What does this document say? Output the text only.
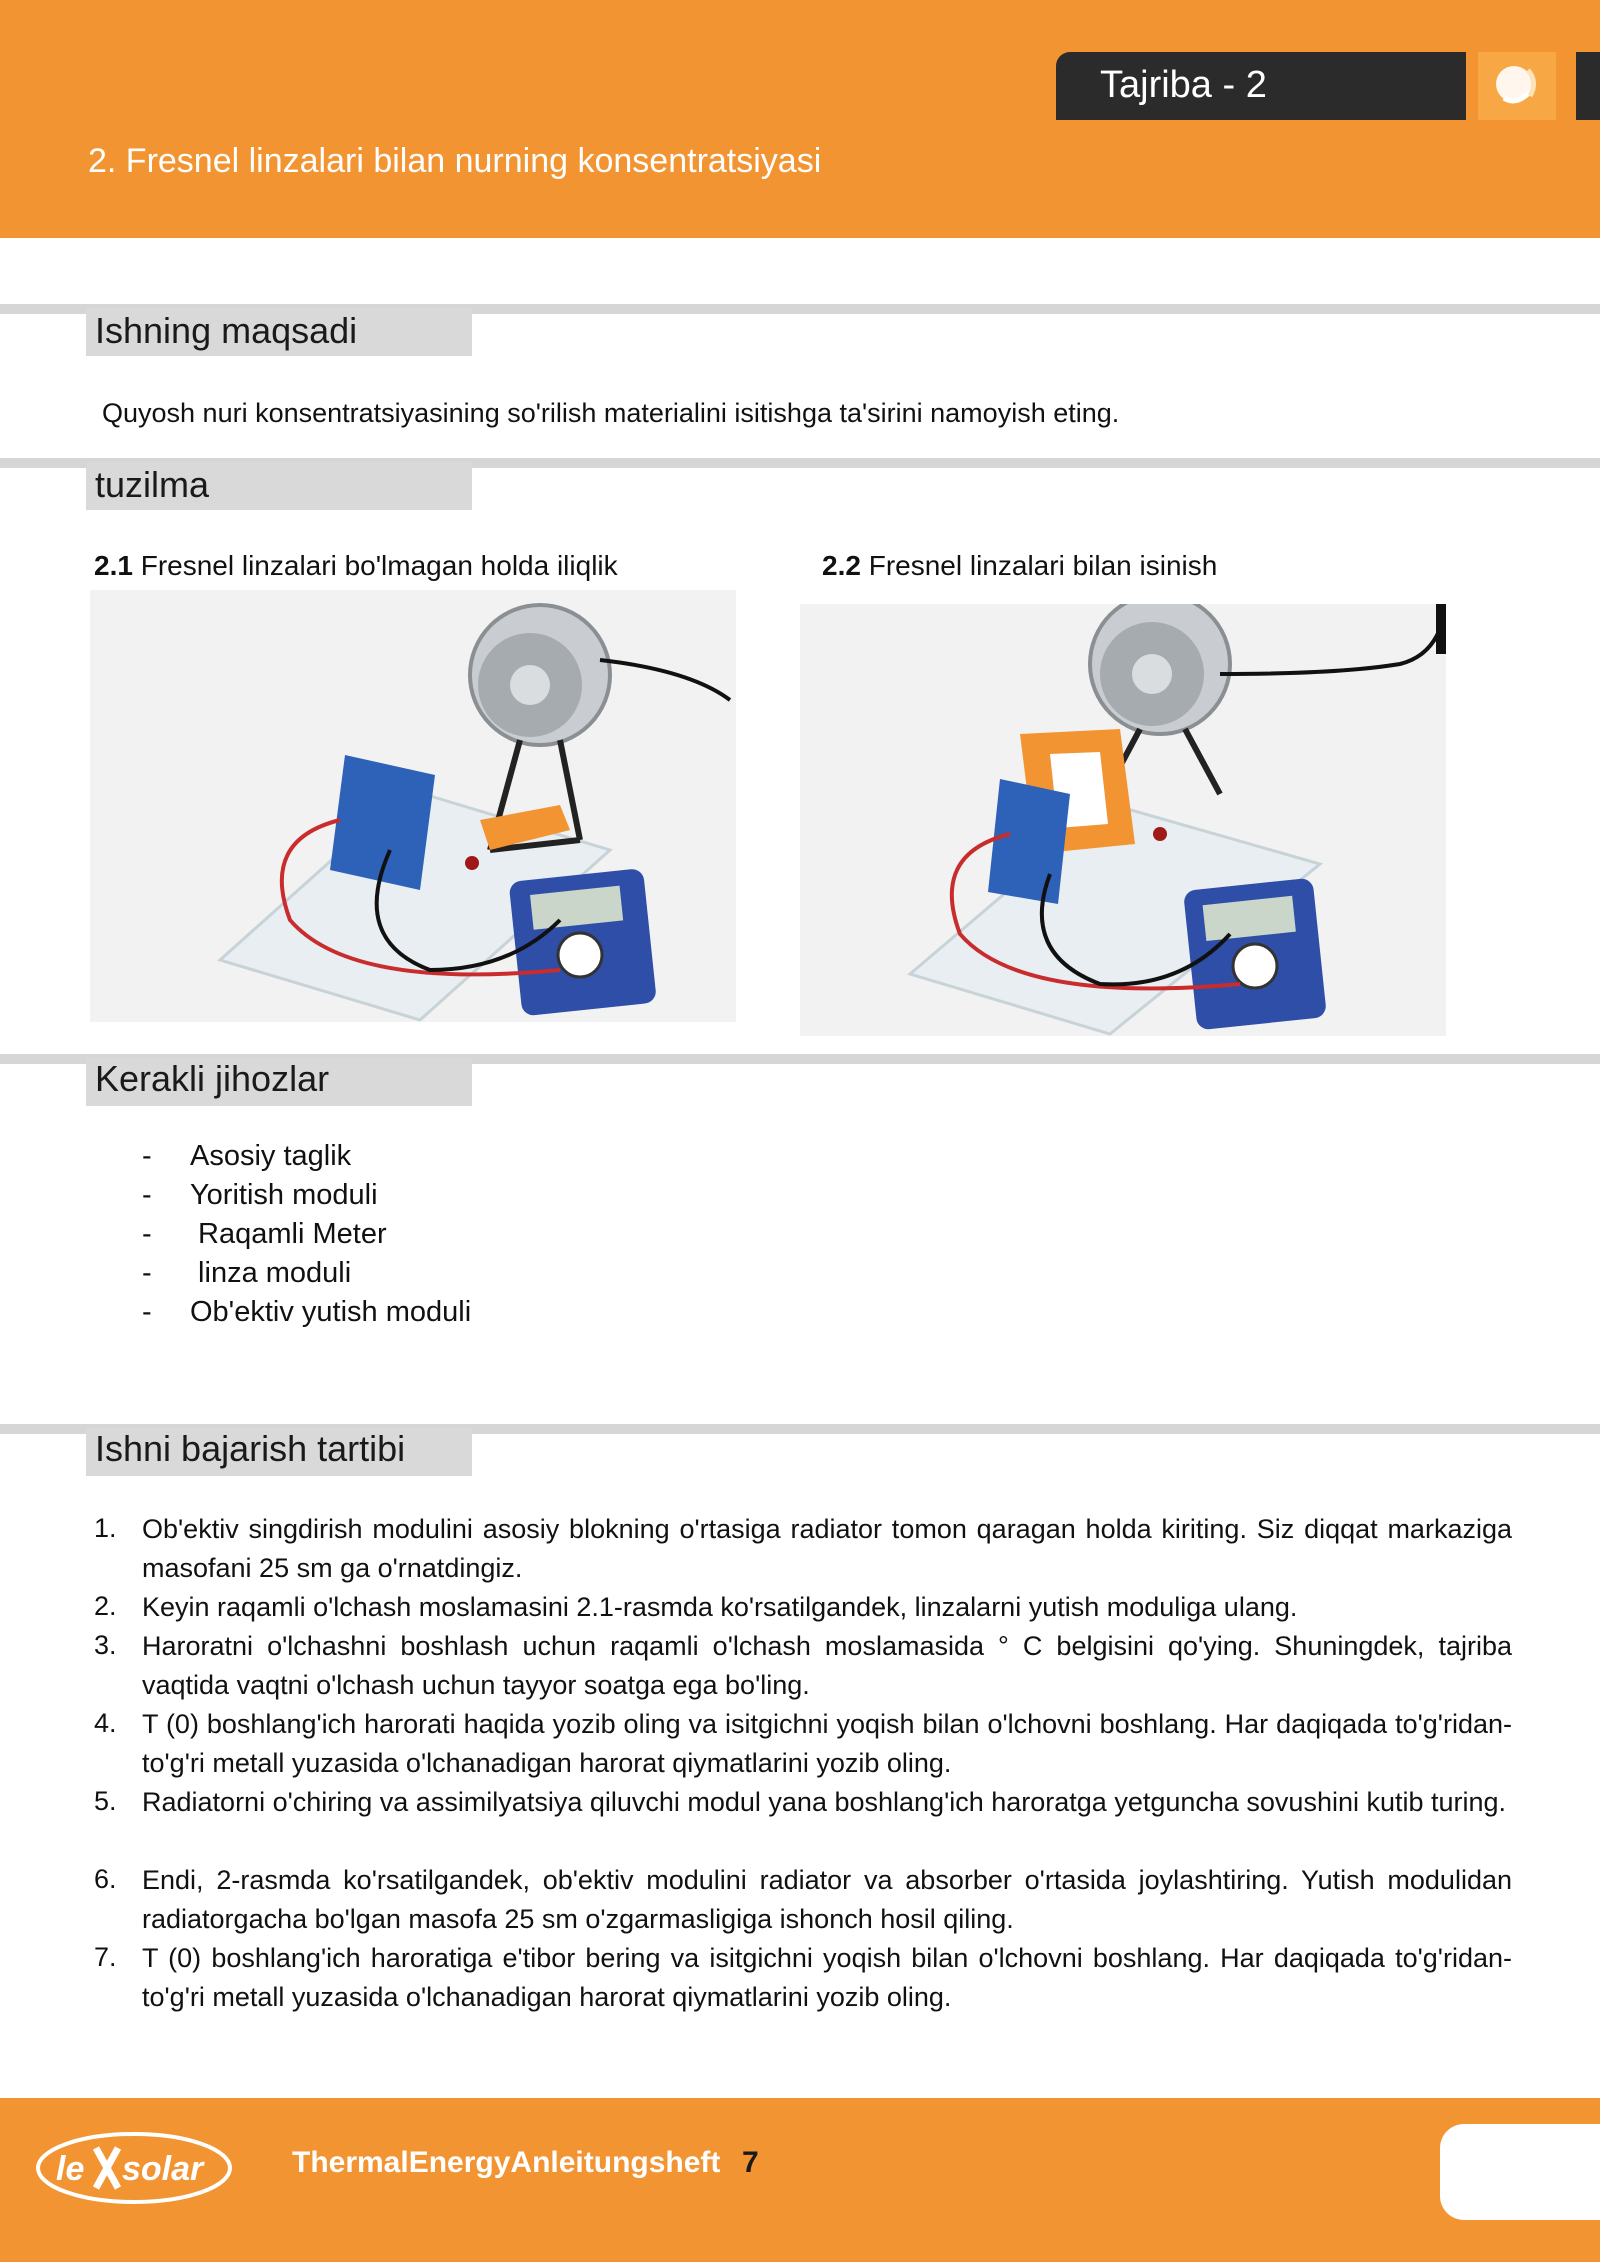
2. Fresnel linzalari bilan nurning konsentratsiyasi
Tajriba - 2
Ishning maqsadi
Quyosh nuri konsentratsiyasining so'rilish materialini isitishga ta'sirini namoyish eting.
tuzilma
2.1 Fresnel linzalari bo'lmagan holda iliqlik	2.2 Fresnel linzalari bilan isinish
Kerakli jihozlar
- Asosiy taglik
- Yoritish moduli
- Raqamli Meter
- linza moduli
- Ob'ektiv yutish moduli
Ishni bajarish tartibi
1. Ob'ektiv singdirish modulini asosiy blokning o'rtasiga radiator tomon qaragan holda kiriting. Siz diqqat markaziga masofani 25 sm ga o'rnatdingiz.
2. Keyin raqamli o'lchash moslamasini 2.1-rasmda ko'rsatilgandek, linzalarni yutish moduliga ulang.
3. Haroratni o'lchashni boshlash uchun raqamli o'lchash moslamasida ° C belgisini qo'ying. Shuningdek, tajriba vaqtida vaqtni o'lchash uchun tayyor soatga ega bo'ling.
4. T (0) boshlang'ich harorati haqida yozib oling va isitgichni yoqish bilan o'lchovni boshlang. Har daqiqada to'g'ridan-to'g'ri metall yuzasida o'lchanadigan harorat qiymatlarini yozib oling.
5. Radiatorni o'chiring va assimilyatsiya qiluvchi modul yana boshlang'ich haroratga yetguncha sovushini kutib turing.
6. Endi, 2-rasmda ko'rsatilgandek, ob'ektiv modulini radiator va absorber o'rtasida joylashtiring. Yutish modulidan radiatorgacha bo'lgan masofa 25 sm o'zgarmasligiga ishonch hosil qiling.
7. T (0) boshlang'ich haroratiga e'tibor bering va isitgichni yoqish bilan o'lchovni boshlang. Har daqiqada to'g'ridan-to'g'ri metall yuzasida o'lchanadigan harorat qiymatlarini yozib oling.
le solar	ThermalEnergyAnleitungsheft 7
